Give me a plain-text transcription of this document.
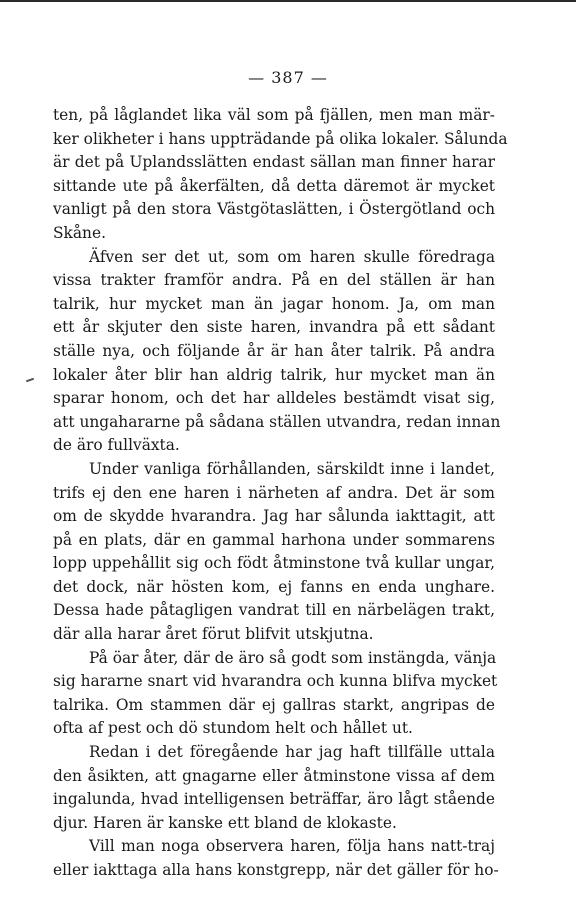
— 387 —
ten, på låglandet lika väl som på fjällen, men man mär-
ker olikheter i hans uppträdande på olika lokaler. Sålunda
är det på Uplandsslätten endast sällan man finner harar
sittande ute på åkerfälten, då detta däremot är mycket
vanligt på den stora Västgötaslätten, i Östergötland och
Skåne.
Äfven ser det ut, som om haren skulle föredraga
vissa trakter framför andra. På en del ställen är han
talrik, hur mycket man än jagar honom. Ja, om man
ett år skjuter den siste haren, invandra på ett sådant
ställe nya, och följande år är han åter talrik. På andra
lokaler åter blir han aldrig talrik, hur mycket man än
sparar honom, och det har alldeles bestämdt visat sig,
att ungahararne på sådana ställen utvandra, redan innan
de äro fullväxta.
Under vanliga förhållanden, särskildt inne i landet,
trifs ej den ene haren i närheten af andra. Det är som
om de skydde hvarandra. Jag har sålunda iakttagit, att
på en plats, där en gammal harhona under sommarens
lopp uppehållit sig och födt åtminstone två kullar ungar,
det dock, när hösten kom, ej fanns en enda unghare.
Dessa hade påtagligen vandrat till en närbelägen trakt,
där alla harar året förut blifvit utskjutna.
På öar åter, där de äro så godt som instängda, vänja
sig hararne snart vid hvarandra och kunna blifva mycket
talrika. Om stammen där ej gallras starkt, angripas de
ofta af pest och dö stundom helt och hållet ut.
Redan i det föregående har jag haft tillfälle uttala
den åsikten, att gnagarne eller åtminstone vissa af dem
ingalunda, hvad intelligensen beträffar, äro lågt stående
djur. Haren är kanske ett bland de klokaste.
Vill man noga observera haren, följa hans natt-traj
eller iakttaga alla hans konstgrepp, när det gäller för ho-
